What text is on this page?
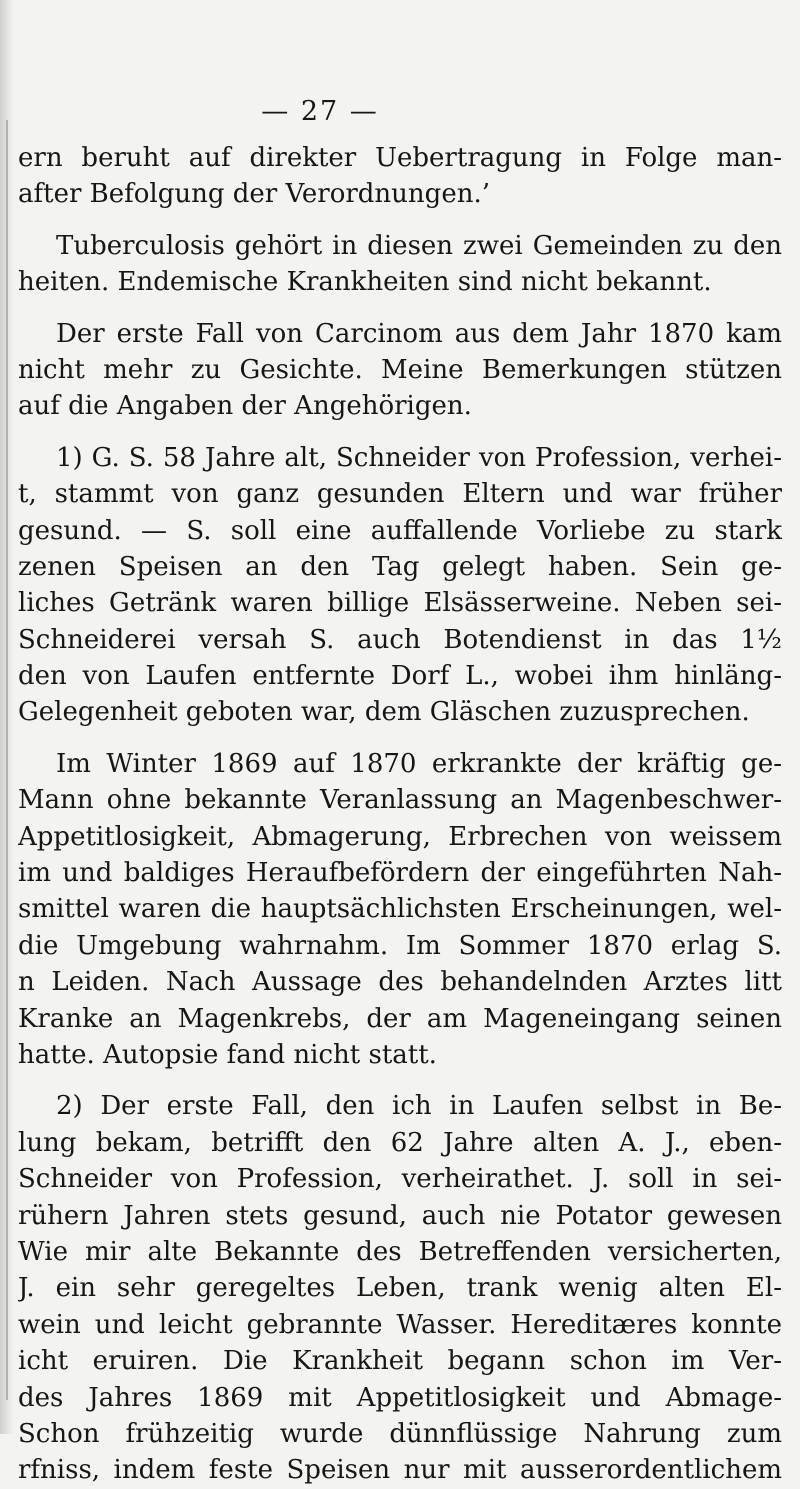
— 27 —
ern beruht auf direkter Uebertragung in Folge man-
after Befolgung der Verordnungen.’
Tuberculosis gehört in diesen zwei Gemeinden zu den
heiten. Endemische Krankheiten sind nicht bekannt.
Der erste Fall von Carcinom aus dem Jahr 1870 kam
nicht mehr zu Gesichte. Meine Bemerkungen stützen
auf die Angaben der Angehörigen.
1) G. S. 58 Jahre alt, Schneider von Profession, verhei-
t, stammt von ganz gesunden Eltern und war früher
gesund. — S. soll eine auffallende Vorliebe zu stark
zenen Speisen an den Tag gelegt haben. Sein ge-
liches Getränk waren billige Elsässerweine. Neben sei-
Schneiderei versah S. auch Botendienst in das 1½
den von Laufen entfernte Dorf L., wobei ihm hinläng-
Gelegenheit geboten war, dem Gläschen zuzusprechen.
Im Winter 1869 auf 1870 erkrankte der kräftig ge-
Mann ohne bekannte Veranlassung an Magenbeschwer-
Appetitlosigkeit, Abmagerung, Erbrechen von weissem
im und baldiges Heraufbefördern der eingeführten Nah-
smittel waren die hauptsächlichsten Erscheinungen, wel-
die Umgebung wahrnahm. Im Sommer 1870 erlag S.
n Leiden. Nach Aussage des behandelnden Arztes litt
Kranke an Magenkrebs, der am Mageneingang seinen
hatte. Autopsie fand nicht statt.
2) Der erste Fall, den ich in Laufen selbst in Be-
lung bekam, betrifft den 62 Jahre alten A. J., eben-
Schneider von Profession, verheirathet. J. soll in sei-
rühern Jahren stets gesund, auch nie Potator gewesen
Wie mir alte Bekannte des Betreffenden versicherten,
J. ein sehr geregeltes Leben, trank wenig alten El-
wein und leicht gebrannte Wasser. Hereditæres konnte
icht eruiren. Die Krankheit begann schon im Ver-
des Jahres 1869 mit Appetitlosigkeit und Abmage-
Schon frühzeitig wurde dünnflüssige Nahrung zum
rfniss, indem feste Speisen nur mit ausserordentlichem
